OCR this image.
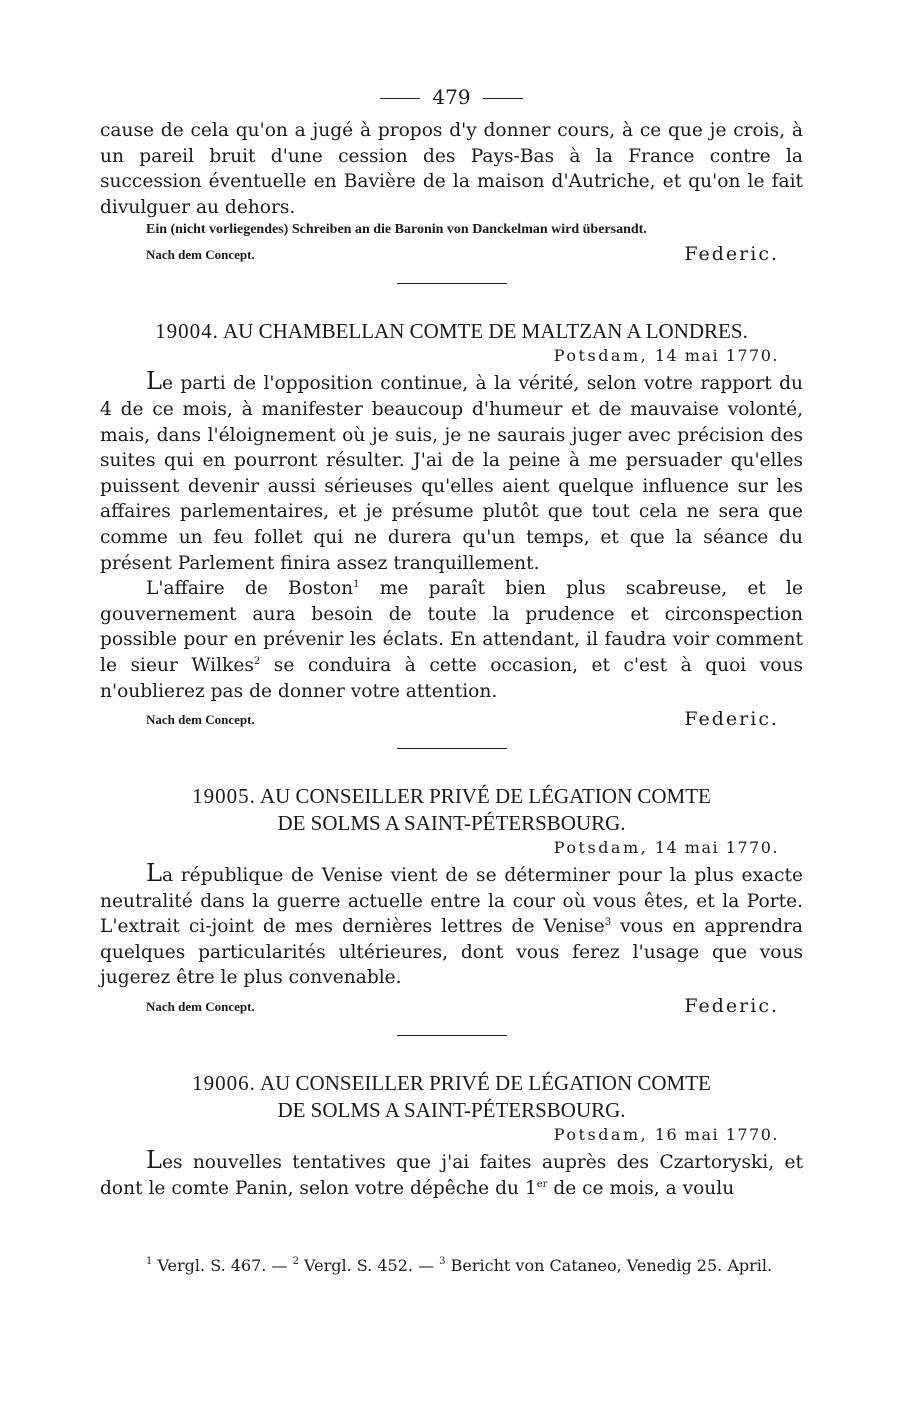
479

cause de cela qu'on a jugé à propos d'y donner cours, à ce que je crois, à un pareil bruit d'une cession des Pays-Bas à la France contre la succession éventuelle en Bavière de la maison d'Autriche, et qu'on le fait divulguer au dehors.

Ein (nicht vorliegendes) Schreiben an die Baronin von Danckelman wird übersandt.
Nach dem Concept.	Federic.
19004. AU CHAMBELLAN COMTE DE MALTZAN A LONDRES.
Potsdam, 14 mai 1770.

Le parti de l'opposition continue, à la vérité, selon votre rapport du 4 de ce mois, à manifester beaucoup d'humeur et de mauvaise volonté, mais, dans l'éloignement où je suis, je ne saurais juger avec précision des suites qui en pourront résulter. J'ai de la peine à me persuader qu'elles puissent devenir aussi sérieuses qu'elles aient quelque influence sur les affaires parlementaires, et je présume plutôt que tout cela ne sera que comme un feu follet qui ne durera qu'un temps, et que la séance du présent Parlement finira assez tranquillement.

L'affaire de Boston$^1$ me paraît bien plus scabreuse, et le gouvernement aura besoin de toute la prudence et circonspection possible pour en prévenir les éclats. En attendant, il faudra voir comment le sieur Wilkes$^2$ se conduira à cette occasion, et c'est à quoi vous n'oublierez pas de donner votre attention.

Nach dem Concept.	Federic.
19005. AU CONSEILLER PRIVÉ DE LÉGATION COMTE
DE SOLMS A SAINT-PÉTERSBOURG.
Potsdam, 14 mai 1770.

La république de Venise vient de se déterminer pour la plus exacte neutralité dans la guerre actuelle entre la cour où vous êtes, et la Porte. L'extrait ci-joint de mes dernières lettres de Venise$^3$ vous en apprendra quelques particularités ultérieures, dont vous ferez l'usage que vous jugerez être le plus convenable.

Nach dem Concept.	Federic.
19006. AU CONSEILLER PRIVÉ DE LÉGATION COMTE
DE SOLMS A SAINT-PÉTERSBOURG.
Potsdam, 16 mai 1770.

Les nouvelles tentatives que j'ai faites auprès des Czartoryski, et dont le comte Panin, selon votre dépêche du 1er de ce mois, a voulu

$^1$ Vergl. S. 467. — $^2$ Vergl. S. 452. — $^3$ Bericht von Cataneo, Venedig 25. April.
